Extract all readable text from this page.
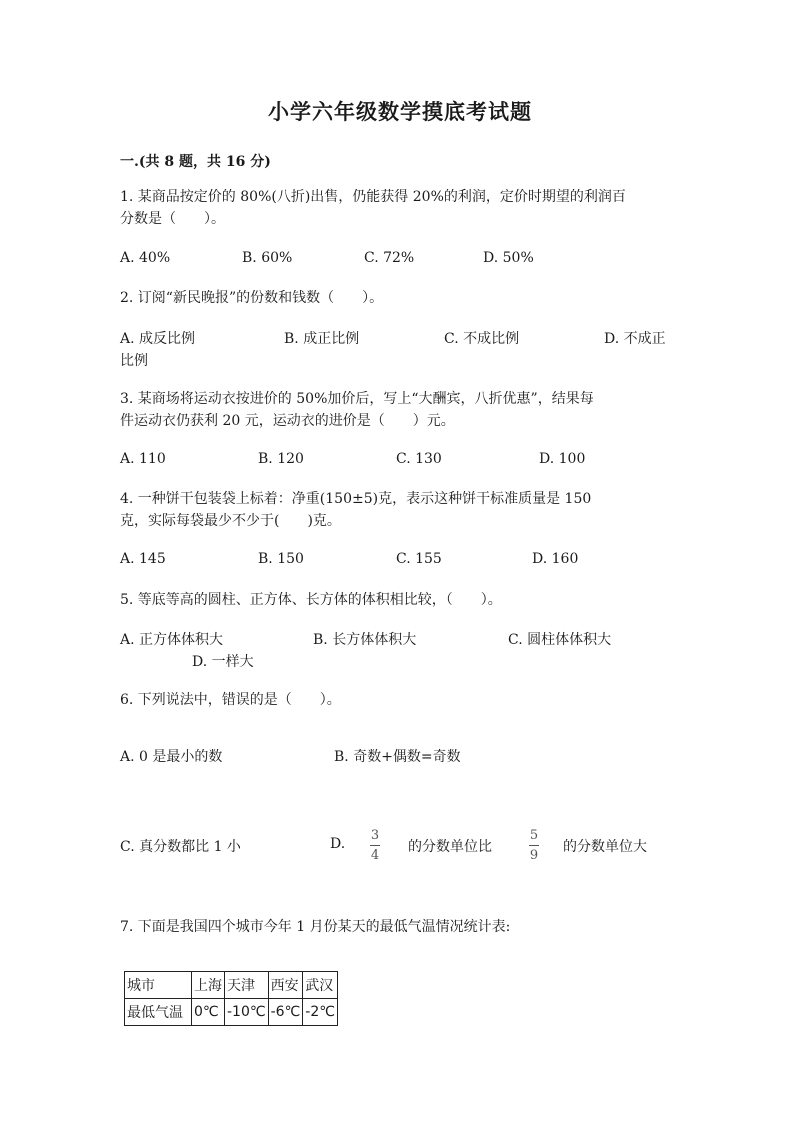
小学六年级数学摸底考试题
一.(共 8 题，共 16 分)
1. 某商品按定价的 80%(八折)出售，仍能获得 20%的利润，定价时期望的利润百
分数是（　　）。
A. 40%	B. 60%	C. 72%	D. 50%
2. 订阅“新民晚报”的份数和钱数（　　）。
A. 成反比例	B. 成正比例	C. 不成比例	D. 不成正
比例
3. 某商场将运动衣按进价的 50%加价后，写上“大酬宾，八折优惠”，结果每
件运动衣仍获利 20 元，运动衣的进价是（　　）元。
A. 110	B. 120	C. 130	D. 100
4. 一种饼干包装袋上标着：净重(150±5)克，表示这种饼干标准质量是 150
克，实际每袋最少不少于(　　)克。
A. 145	B. 150	C. 155	D. 160
5. 等底等高的圆柱、正方体、长方体的体积相比较，（　　）。
A. 正方体体积大	B. 长方体体积大	C. 圆柱体体积大
D. 一样大
6. 下列说法中，错误的是（　　）。
A. 0 是最小的数	B. 奇数+偶数=奇数
C. 真分数都比 1 小	D.
3
4
的分数单位比
5
9
的分数单位大
7. 下面是我国四个城市今年 1 月份某天的最低气温情况统计表:
城市	上海	天津	西安	武汉
最低气温	0℃	-10℃	-6℃	-2℃
